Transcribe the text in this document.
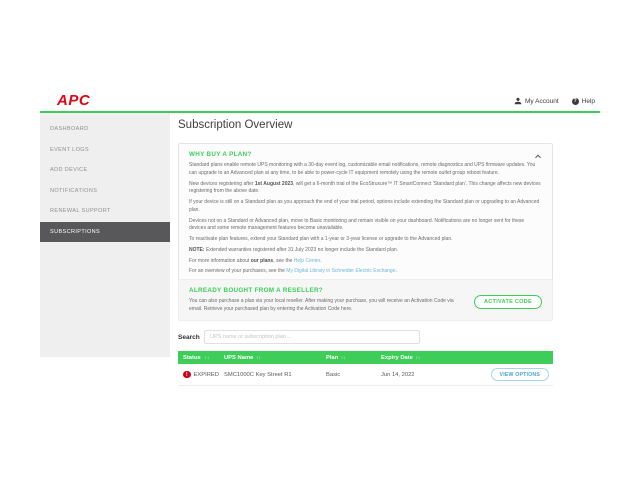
APC	My Account	? Help
DASHBOARD
EVENT LOGS
ADD DEVICE
NOTIFICATIONS
RENEWAL SUPPORT
SUBSCRIPTIONS
Subscription Overview
WHY BUY A PLAN?

Standard plans enable remote UPS monitoring with a 30-day event log, customizable email notifications, remote diagnostics and UPS firmware updates. You can upgrade to an Advanced plan at any time, to be able to power-cycle IT equipment remotely using the remote outlet group reboot feature.

New devices registering after 1st August 2023, will get a 6-month trial of the EcoStruxure™ IT SmartConnect 'Standard plan'. This change affects new devices registering from the above date.

If your device is still on a Standard plan as you approach the end of your trial period, options include extending the Standard plan or upgrading to an Advanced plan.

Devices not on a Standard or Advanced plan, move to Basic monitoring and remain visible on your dashboard. Notifications are no longer sent for these devices and some remote management features become unavailable.

To reactivate plan features, extend your Standard plan with a 1-year or 3-year license or upgrade to the Advanced plan.

NOTE: Extended warranties registered after 31 July 2023 no longer include the Standard plan.

For more information about our plans, see the Help Center.

For an overview of your purchases, see the My Digital Library in Schneider Electric Exchange.

ALREADY BOUGHT FROM A RESELLER?
You can also purchase a plan via your local reseller. After making your purchase, you will receive an Activation Code via email. Retrieve your purchased plan by entering the Activation Code here.
ACTIVATE CODE
Search
UPS name or subscription plan ...
Status ↑↓	UPS Name ↑↓	Plan ↑↓	Expiry Date ↑↓
!	EXPIRED SMC1000C Key Street R1	Basic	Jun 14, 2022	VIEW OPTIONS
